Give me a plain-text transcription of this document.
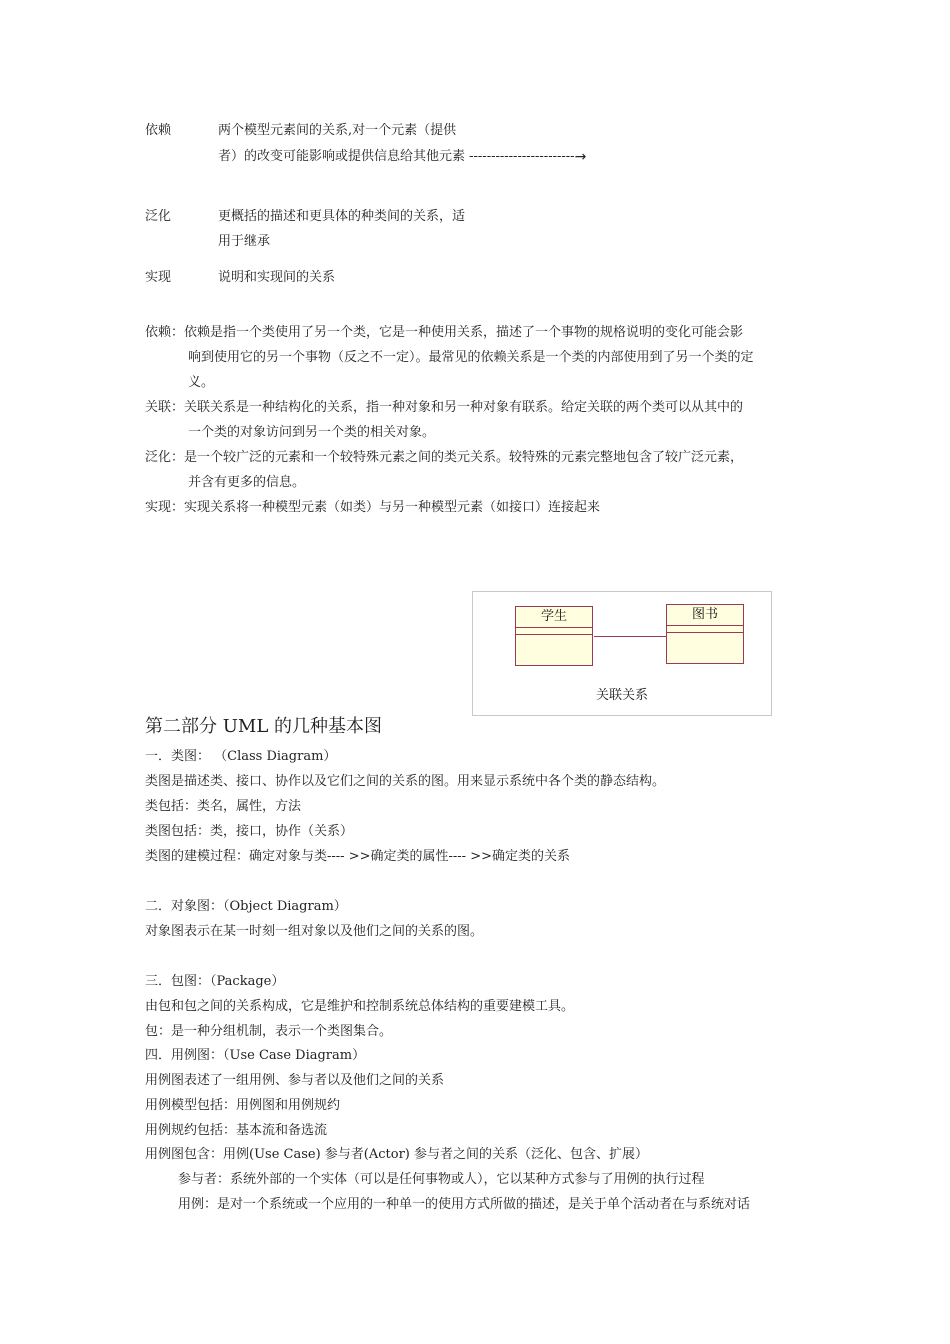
依赖	两个模型元素间的关系,对一个元素（提供
者）的改变可能影响或提供信息给其他元素 ------------------------→
泛化	更概括的描述和更具体的种类间的关系，适
用于继承
实现	说明和实现间的关系
依赖：依赖是指一个类使用了另一个类，它是一种使用关系，描述了一个事物的规格说明的变化可能会影
响到使用它的另一个事物（反之不一定）。最常见的依赖关系是一个类的内部使用到了另一个类的定
义。
关联：关联关系是一种结构化的关系，指一种对象和另一种对象有联系。给定关联的两个类可以从其中的
一个类的对象访问到另一个类的相关对象。
泛化：是一个较广泛的元素和一个较特殊元素之间的类元关系。较特殊的元素完整地包含了较广泛元素，
并含有更多的信息。
实现：实现关系将一种模型元素（如类）与另一种模型元素（如接口）连接起来
学生	图书
关联关系
第二部分 UML 的几种基本图
一．类图： （Class Diagram）
类图是描述类、接口、协作以及它们之间的关系的图。用来显示系统中各个类的静态结构。
类包括：类名，属性，方法
类图包括：类，接口，协作（关系）
类图的建模过程：确定对象与类---- >>确定类的属性---- >>确定类的关系
二．对象图：（Object Diagram）
对象图表示在某一时刻一组对象以及他们之间的关系的图。
三．包图：（Package）
由包和包之间的关系构成，它是维护和控制系统总体结构的重要建模工具。
包：是一种分组机制，表示一个类图集合。
四．用例图：（Use Case Diagram）
用例图表述了一组用例、参与者以及他们之间的关系
用例模型包括：用例图和用例规约
用例规约包括：基本流和备选流
用例图包含：用例(Use Case) 参与者(Actor) 参与者之间的关系（泛化、包含、扩展）
参与者：系统外部的一个实体（可以是任何事物或人），它以某种方式参与了用例的执行过程
用例：是对一个系统或一个应用的一种单一的使用方式所做的描述，是关于单个活动者在与系统对话
